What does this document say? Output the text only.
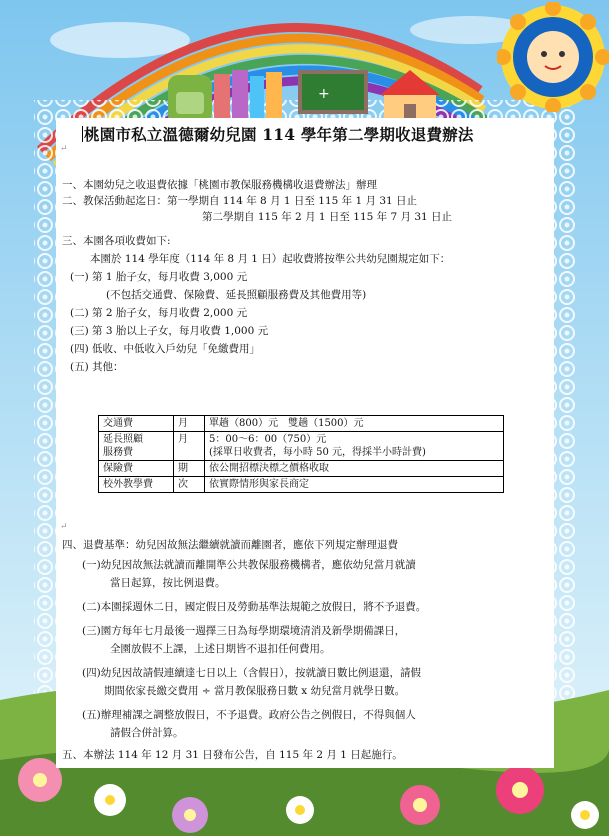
+
桃園市私立溫德爾幼兒園 114 學年第二學期收退費辦法
↵
一、本園幼兒之收退費依據「桃園市教保服務機構收退費辦法」辦理
二、教保活動起迄日：第一學期自 114 年 8 月 1 日至 115 年 1 月 31 日止
第二學期自 115 年 2 月 1 日至 115 年 7 月 31 日止
三、本園各項收費如下:
本園於 114 學年度（114 年 8 月 1 日）起收費將按準公共幼兒園規定如下：
(一) 第 1 胎子女，每月收費 3,000 元
(不包括交通費、保險費、延長照顧服務費及其他費用等)
(二) 第 2 胎子女，每月收費 2,000 元
(三) 第 3 胎以上子女，每月收費 1,000 元
(四) 低收、中低收入戶幼兒「免繳費用」
(五) 其他：
交通費	月	單趟（800）元　雙趟（1500）元
延長照顧
服務費	月	5：00～6：00（750）元
(採單日收費者，每小時 50 元，得採半小時計費)
保險費	期	依公開招標決標之價格收取
校外教學費	次	依實際情形與家長商定
↵
四、退費基準：幼兒因故無法繼續就讀而離園者，應依下列規定辦理退費
(一)幼兒因故無法就讀而離開準公共教保服務機構者，應依幼兒當月就讀
當日起算，按比例退費。
(二)本園採週休二日，國定假日及勞動基準法規範之放假日，將不予退費。
(三)園方每年七月最後一週擇三日為每學期環境清消及新學期備課日，
全園放假不上課，上述日期皆不退扣任何費用。
(四)幼兒因故請假連續達七日以上（含假日），按就讀日數比例退還，請假
期間依家長繳交費用 ÷ 當月教保服務日數 x 幼兒當月就學日數。
(五)辦理補課之調整放假日，不予退費。政府公告之例假日，不得與個人
請假合併計算。
五、本辦法 114 年 12 月 31 日發布公告，自 115 年 2 月 1 日起施行。
